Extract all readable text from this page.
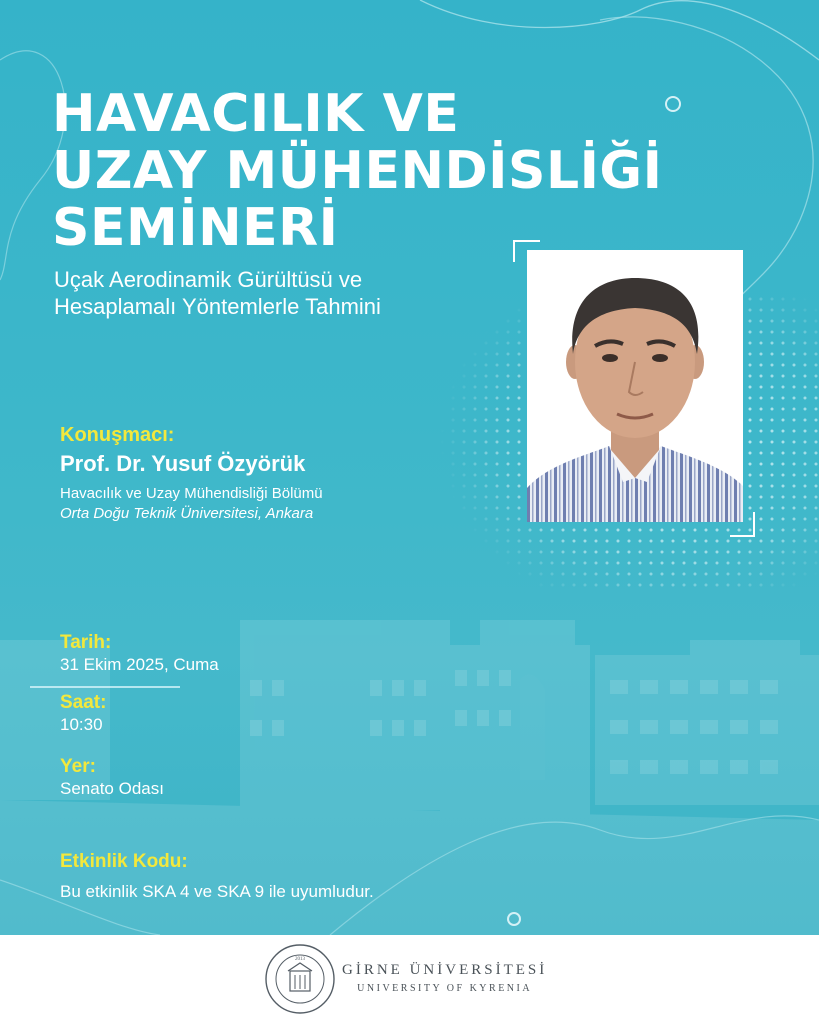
HAVACILIK VE
UZAY MÜHENDİSLİĞİ
SEMİNERİ
Uçak Aerodinamik Gürültüsü ve
Hesaplamalı Yöntemlerle Tahmini
Konuşmacı:
Prof. Dr. Yusuf Özyörük
Havacılık ve Uzay Mühendisliği Bölümü
Orta Doğu Teknik Üniversitesi, Ankara
Tarih:
31 Ekim 2025, Cuma
Saat:
10:30
Yer:
Senato Odası
Etkinlik Kodu:
Bu etkinlik SKA 4 ve SKA 9 ile uyumludur.
2013
GİRNE ÜNİVERSİTESİ
UNIVERSITY OF KYRENIA
